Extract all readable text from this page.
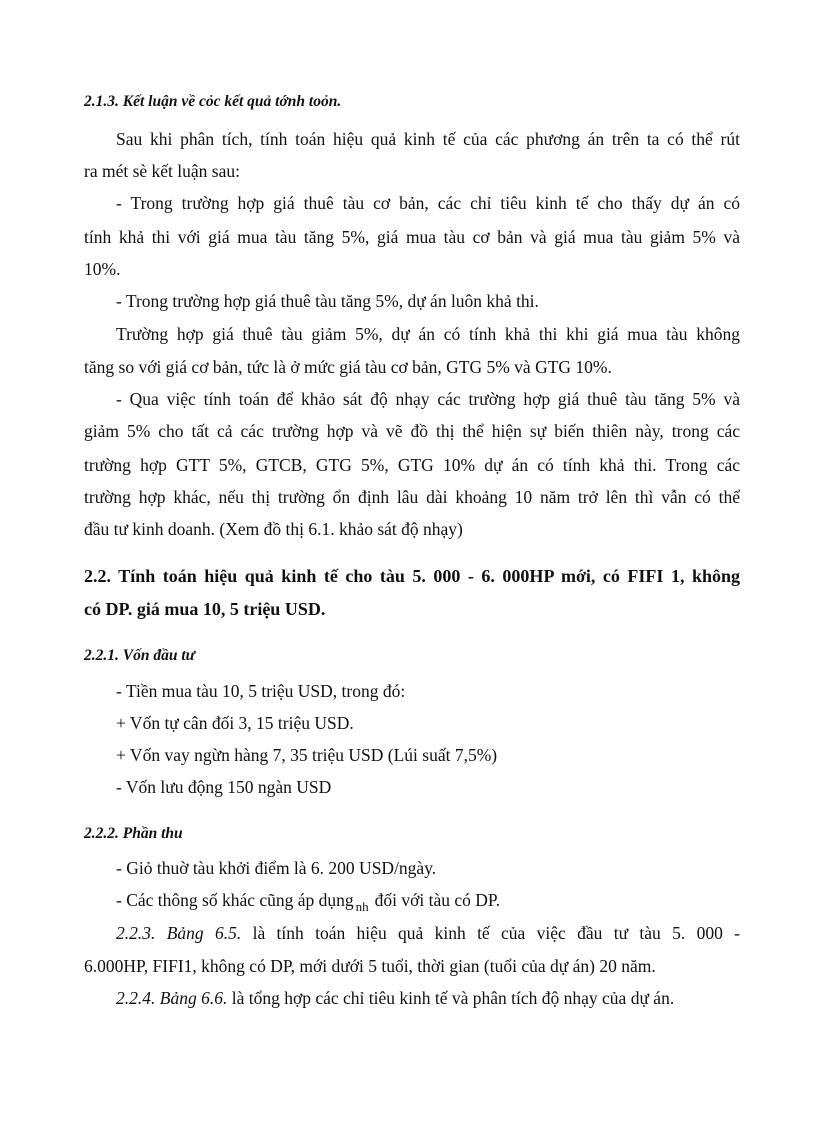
2.1.3. Kết luận về cỏc kết quả tớnh toỏn.
Sau khi phân tích, tính toán hiệu quả kinh tế của các phương án trên ta có thể rút
ra mét sè kết luận sau:
- Trong trường hợp giá thuê tàu cơ bản, các chỉ tiêu kinh tế cho thấy dự án có
tính khả thi với giá mua tàu tăng 5%, giá mua tàu cơ bản và giá mua tàu giảm 5% và
10%.
- Trong trường hợp giá thuê tàu tăng 5%, dự án luôn khả thi.
Trường hợp giá thuê tàu giảm 5%, dự án có tính khả thi khi giá mua tàu không
tăng so với giá cơ bản, tức là ở mức giá tàu cơ bản, GTG 5% và GTG 10%.
- Qua việc tính toán để khảo sát độ nhạy các trường hợp giá thuê tàu tăng 5% và
giảm 5% cho tất cả các trường hợp và vẽ đồ thị thể hiện sự biến thiên này, trong các
trường hợp GTT 5%, GTCB, GTG 5%, GTG 10% dự án có tính khả thi. Trong các
trường hợp khác, nếu thị trường ổn định lâu dài khoảng 10 năm trở lên thì vẫn có thể
đầu tư kinh doanh. (Xem đồ thị 6.1. khảo sát độ nhạy)
2.2. Tính toán hiệu quả kinh tế cho tàu 5. 000 - 6. 000HP mới, có FIFI 1, không
có DP. giá mua 10, 5 triệu USD.
2.2.1. Vốn đầu tư
- Tiền mua tàu 10, 5 triệu USD, trong đó:
+ Vốn tự cân đối 3, 15 triệu USD.
+ Vốn vay ngừn hàng 7, 35 triệu USD (Lúi suất 7,5%)
- Vốn lưu động 150 ngàn USD
2.2.2. Phần thu
- Giỏ thuờ tàu khởi điểm là 6. 200 USD/ngày.
- Các thông số khác cũng áp dụng $_{nh}$ đối với tàu có DP.
2.2.3. Bảng 6.5. là tính toán hiệu quả kinh tế của việc đầu tư tàu 5. 000 -
6.000HP, FIFI1, không có DP, mới dưới 5 tuổi, thời gian (tuổi của dự án) 20 năm.
2.2.4. Bảng 6.6. là tổng hợp các chỉ tiêu kinh tế và phân tích độ nhạy của dự án.
